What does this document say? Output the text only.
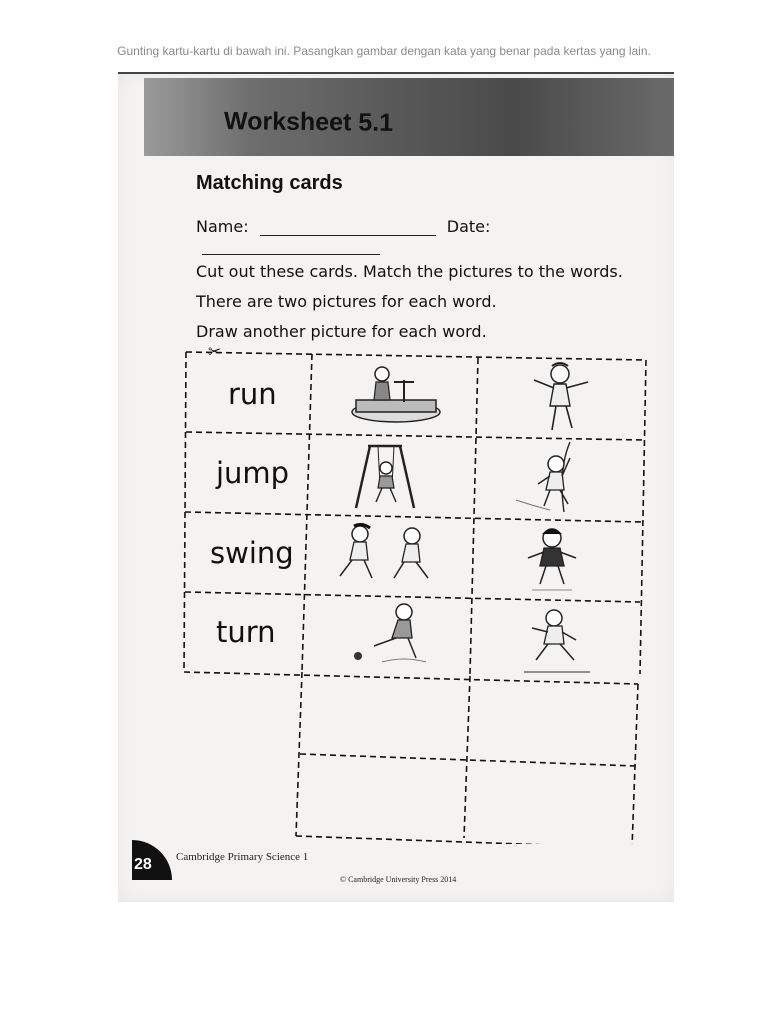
Gunting kartu-kartu di bawah ini. Pasangkan gambar dengan kata yang benar pada kertas yang lain.
Worksheet 5.1
Matching cards
Name:	Date:
Cut out these cards. Match the pictures to the words.
There are two pictures for each word.
Draw another picture for each word.
✂
run
jump
swing
turn
28 Cambridge Primary Science 1
© Cambridge University Press 2014
